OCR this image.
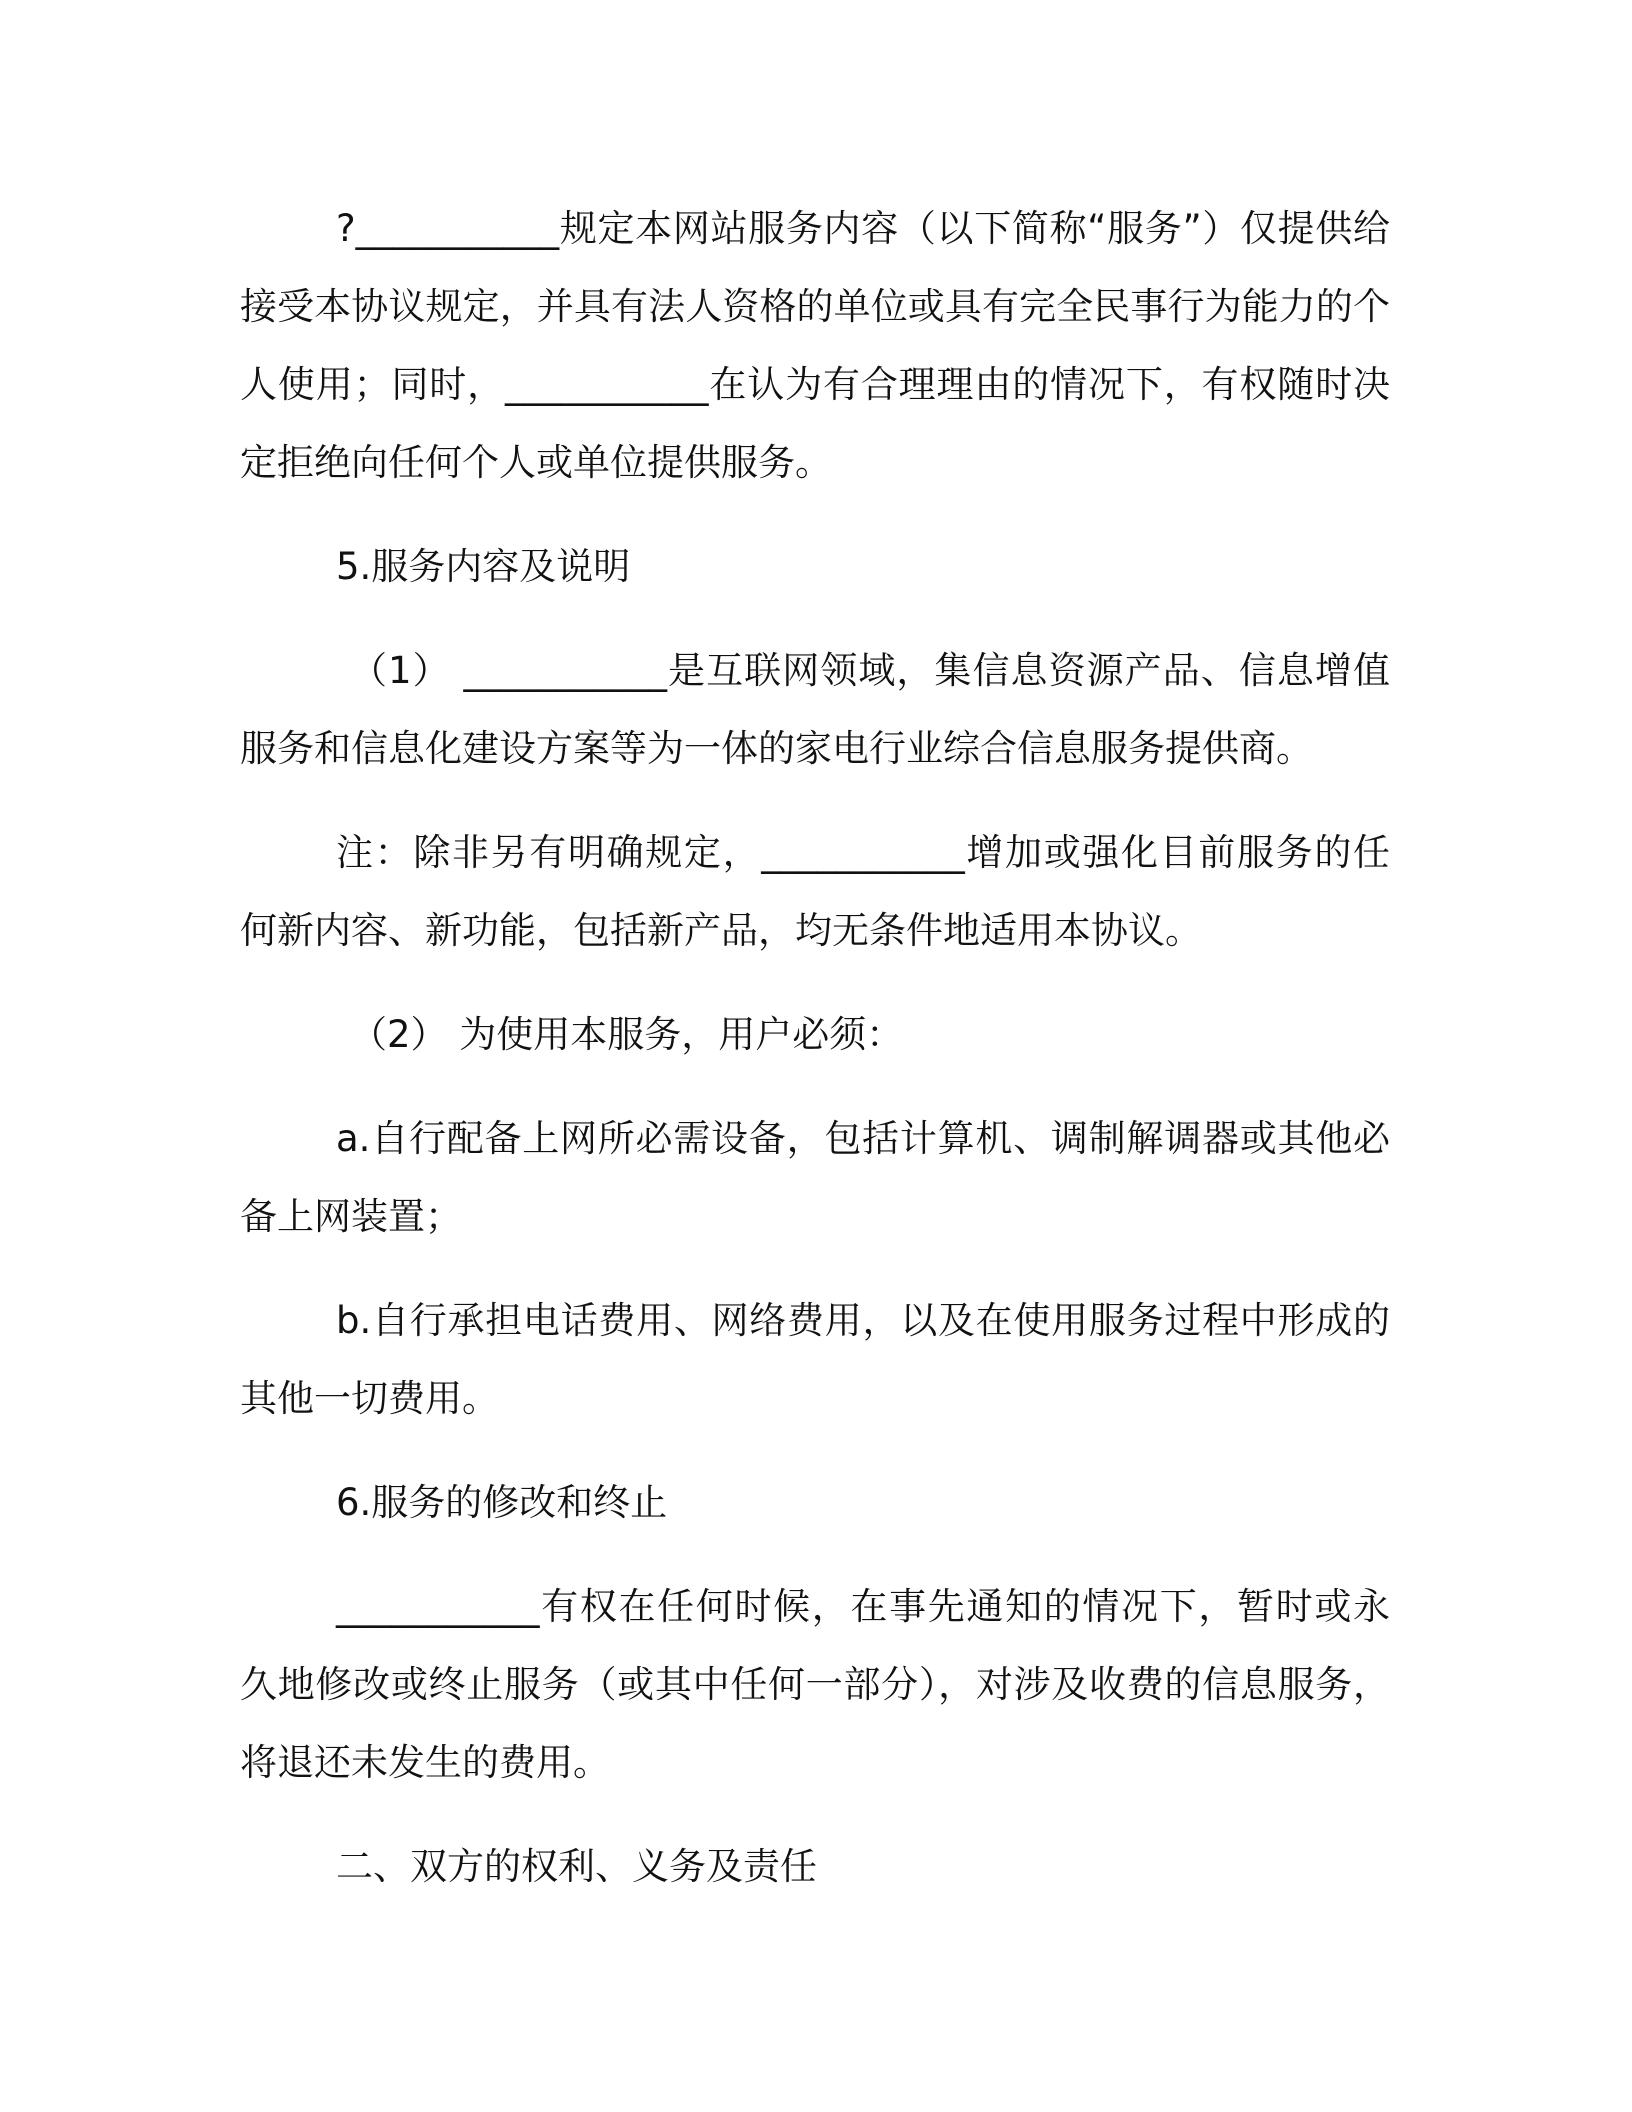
?___________规定本网站服务内容（以下简称“服务”）仅提供给接受本协议规定，并具有法人资格的单位或具有完全民事行为能力的个人使用；同时，___________在认为有合理理由的情况下，有权随时决定拒绝向任何个人或单位提供服务。

5.服务内容及说明

（1） ___________是互联网领域，集信息资源产品、信息增值服务和信息化建设方案等为一体的家电行业综合信息服务提供商。

注：除非另有明确规定，___________增加或强化目前服务的任何新内容、新功能，包括新产品，均无条件地适用本协议。

（2） 为使用本服务，用户必须：

a.自行配备上网所必需设备，包括计算机、调制解调器或其他必备上网装置；

b.自行承担电话费用、网络费用，以及在使用服务过程中形成的其他一切费用。

6.服务的修改和终止

___________有权在任何时候，在事先通知的情况下，暂时或永久地修改或终止服务（或其中任何一部分），对涉及收费的信息服务，将退还未发生的费用。

二、双方的权利、义务及责任
